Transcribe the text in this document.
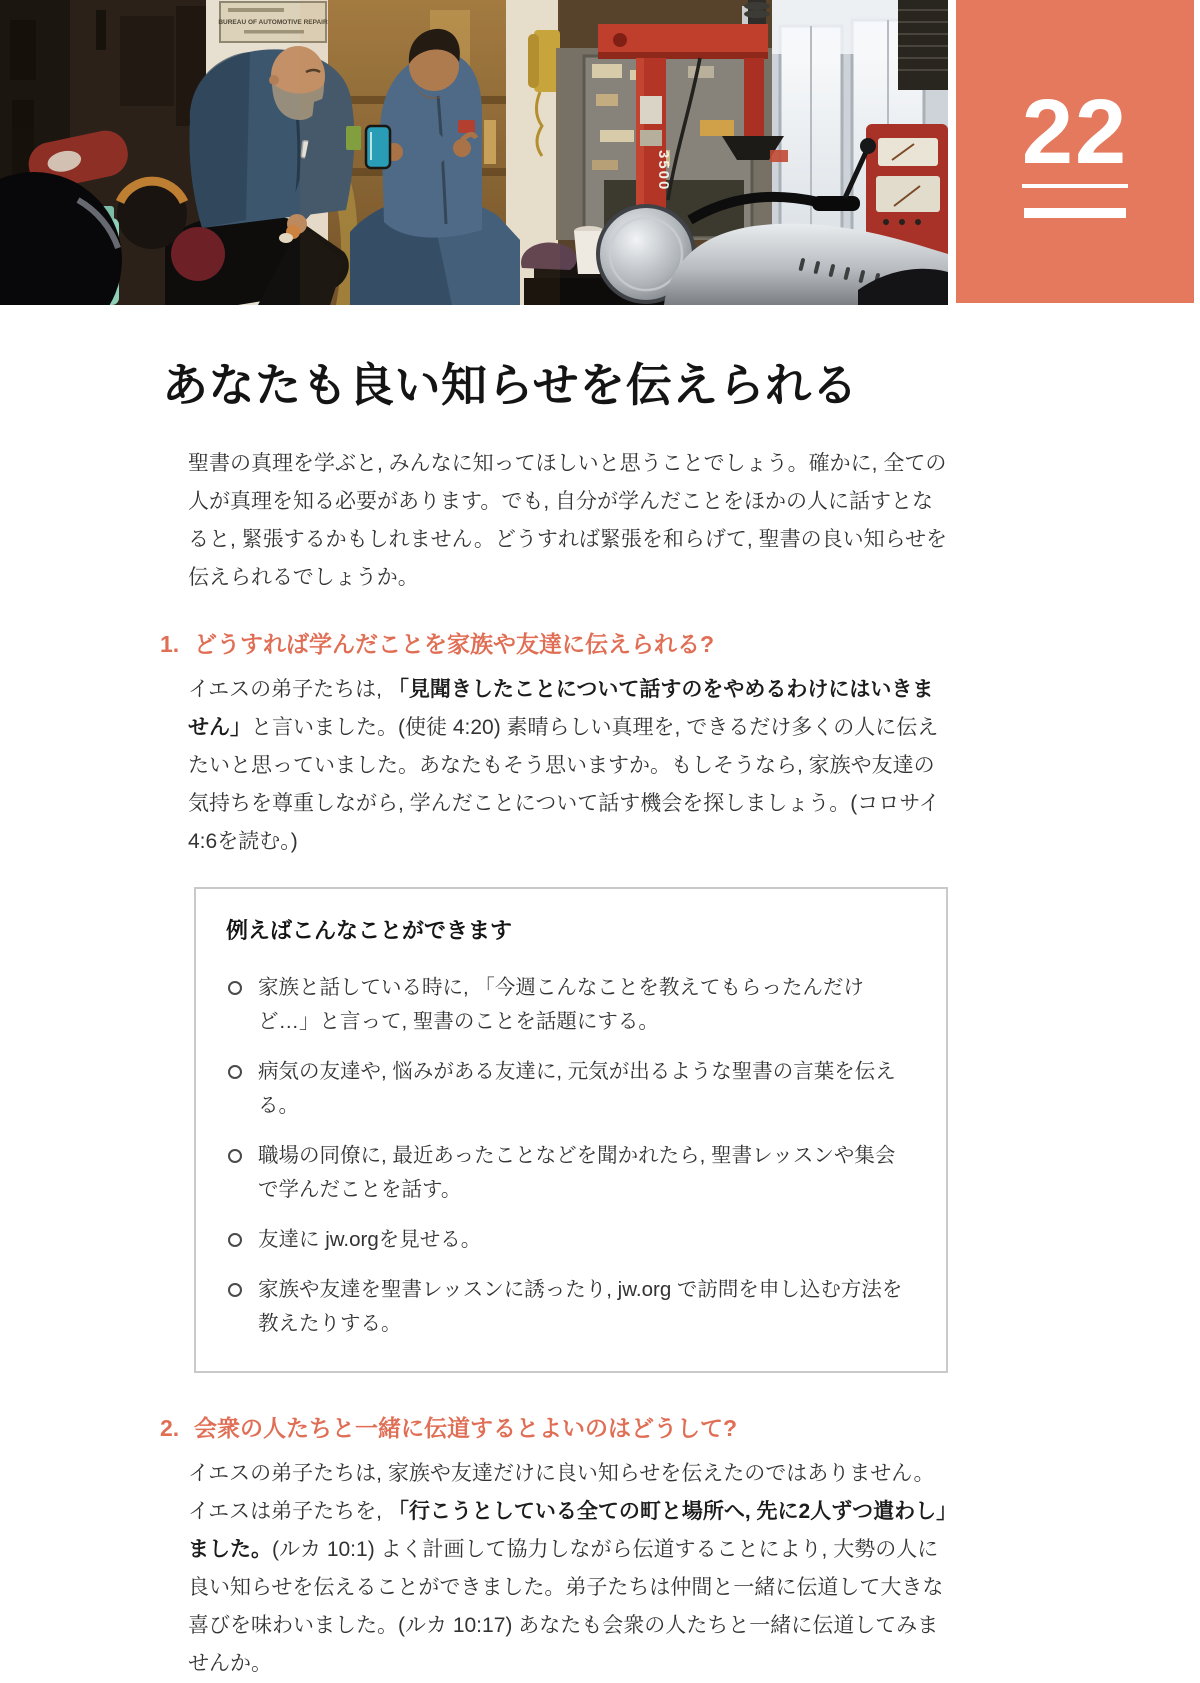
BUREAU OF AUTOMOTIVE REPAIR
3500	22
あなたも良い知らせを伝えられる

聖書の真理を学ぶと, みんなに知ってほしいと思うことでしょう。確かに, 全ての人が真理を知る必要があります。でも, 自分が学んだことをほかの人に話すとなると, 緊張するかもしれません。どうすれば緊張を和らげて, 聖書の良い知らせを伝えられるでしょうか。

1. どうすれば学んだことを家族や友達に伝えられる?

イエスの弟子たちは, 「見聞きしたことについて話すのをやめるわけにはいきません」と言いました。(使徒 4:20) 素晴らしい真理を, できるだけ多くの人に伝えたいと思っていました。あなたもそう思いますか。もしそうなら, 家族や友達の気持ちを尊重しながら, 学んだことについて話す機会を探しましょう。(コロサイ 4:6を読む。)

例えばこんなことができます
家族と話している時に, 「今週こんなことを教えてもらったんだけど…」と言って, 聖書のことを話題にする。
病気の友達や, 悩みがある友達に, 元気が出るような聖書の言葉を伝える。
職場の同僚に, 最近あったことなどを聞かれたら, 聖書レッスンや集会で学んだことを話す。
友達に jw.orgを見せる。
家族や友達を聖書レッスンに誘ったり, jw.org で訪問を申し込む方法を教えたりする。
2. 会衆の人たちと一緒に伝道するとよいのはどうして?

イエスの弟子たちは, 家族や友達だけに良い知らせを伝えたのではありません。イエスは弟子たちを, 「行こうとしている全ての町と場所へ, 先に2人ずつ遣わし」ました。(ルカ 10:1) よく計画して協力しながら伝道することにより, 大勢の人に良い知らせを伝えることができました。弟子たちは仲間と一緒に伝道して大きな喜びを味わいました。(ルカ 10:17) あなたも会衆の人たちと一緒に伝道してみませんか。
